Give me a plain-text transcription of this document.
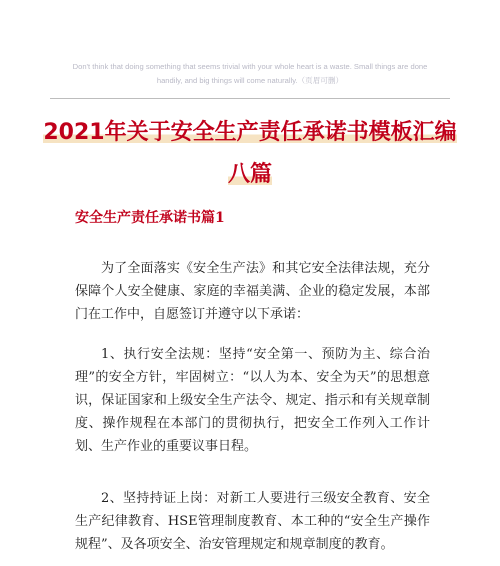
Don't think that doing something that seems trivial with your whole heart is a waste. Small things are done handily, and big things will come naturally.（页眉可删）
2021年关于安全生产责任承诺书模板汇编八篇
安全生产责任承诺书篇1

为了全面落实《安全生产法》和其它安全法律法规，充分保障个人安全健康、家庭的幸福美满、企业的稳定发展，本部门在工作中，自愿签订并遵守以下承诺：

1、执行安全法规：坚持“安全第一、预防为主、综合治理”的安全方针，牢固树立：“以人为本、安全为天”的思想意识，保证国家和上级安全生产法令、规定、指示和有关规章制度、操作规程在本部门的贯彻执行，把安全工作列入工作计划、生产作业的重要议事日程。

2、坚持持证上岗：对新工人要进行三级安全教育、安全生产纪律教育、HSE管理制度教育、本工种的“安全生产操作规程”、及各项安全、治安管理规定和规章制度的教育。
